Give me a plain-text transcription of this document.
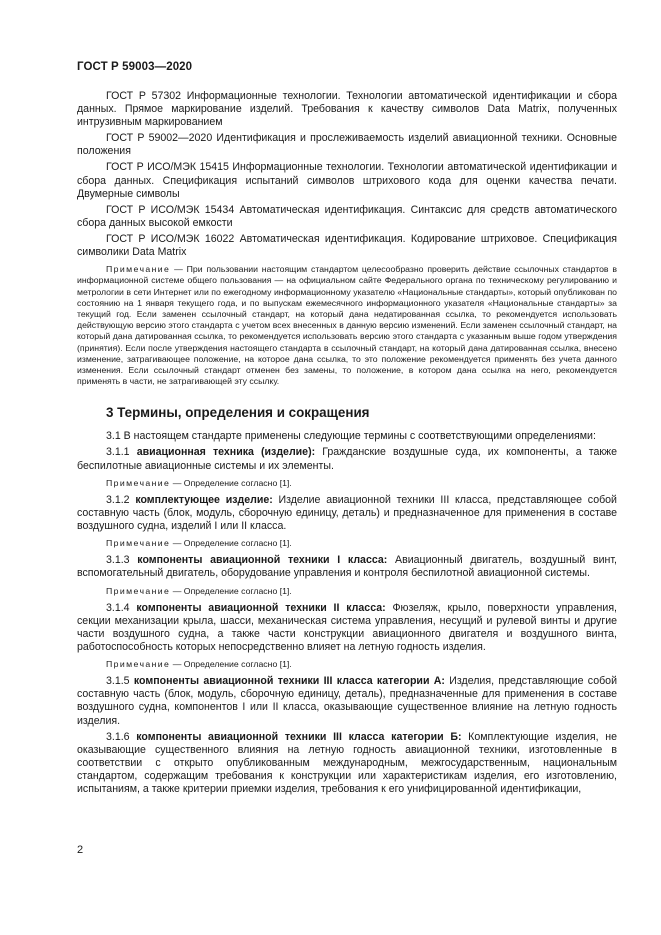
ГОСТ Р 59003—2020

ГОСТ Р 57302 Информационные технологии. Технологии автоматической идентификации и сбора данных. Прямое маркирование изделий. Требования к качеству символов Data Matrix, полученных интрузивным маркированием

ГОСТ Р 59002—2020 Идентификация и прослеживаемость изделий авиационной техники. Основные положения

ГОСТ Р ИСО/МЭК 15415 Информационные технологии. Технологии автоматической идентификации и сбора данных. Спецификация испытаний символов штрихового кода для оценки качества печати. Двумерные символы

ГОСТ Р ИСО/МЭК 15434 Автоматическая идентификация. Синтаксис для средств автоматического сбора данных высокой емкости

ГОСТ Р ИСО/МЭК 16022 Автоматическая идентификация. Кодирование штриховое. Спецификация символики Data Matrix

Примечание — При пользовании настоящим стандартом целесообразно проверить действие ссылочных стандартов в информационной системе общего пользования — на официальном сайте Федерального органа по техническому регулированию и метрологии в сети Интернет или по ежегодному информационному указателю «Национальные стандарты», который опубликован по состоянию на 1 января текущего года, и по выпускам ежемесячного информационного указателя «Национальные стандарты» за текущий год. Если заменен ссылочный стандарт, на который дана недатированная ссылка, то рекомендуется использовать действующую версию этого стандарта с учетом всех внесенных в данную версию изменений. Если заменен ссылочный стандарт, на который дана датированная ссылка, то рекомендуется использовать версию этого стандарта с указанным выше годом утверждения (принятия). Если после утверждения настоящего стандарта в ссылочный стандарт, на который дана датированная ссылка, внесено изменение, затрагивающее положение, на которое дана ссылка, то это положение рекомендуется применять без учета данного изменения. Если ссылочный стандарт отменен без замены, то положение, в котором дана ссылка на него, рекомендуется применять в части, не затрагивающей эту ссылку.

3 Термины, определения и сокращения

3.1 В настоящем стандарте применены следующие термины с соответствующими определениями:

3.1.1 авиационная техника (изделие): Гражданские воздушные суда, их компоненты, а также беспилотные авиационные системы и их элементы.

Примечание — Определение согласно [1].

3.1.2 комплектующее изделие: Изделие авиационной техники III класса, представляющее собой составную часть (блок, модуль, сборочную единицу, деталь) и предназначенное для применения в составе воздушного судна, изделий I или II класса.

Примечание — Определение согласно [1].

3.1.3 компоненты авиационной техники I класса: Авиационный двигатель, воздушный винт, вспомогательный двигатель, оборудование управления и контроля беспилотной авиационной системы.

Примечание — Определение согласно [1].

3.1.4 компоненты авиационной техники II класса: Фюзеляж, крыло, поверхности управления, секции механизации крыла, шасси, механическая система управления, несущий и рулевой винты и другие части воздушного судна, а также части конструкции авиационного двигателя и воздушного винта, работоспособность которых непосредственно влияет на летную годность изделия.

Примечание — Определение согласно [1].

3.1.5 компоненты авиационной техники III класса категории А: Изделия, представляющие собой составную часть (блок, модуль, сборочную единицу, деталь), предназначенные для применения в составе воздушного судна, компонентов I или II класса, оказывающие существенное влияние на летную годность изделия.

3.1.6 компоненты авиационной техники III класса категории Б: Комплектующие изделия, не оказывающие существенного влияния на летную годность авиационной техники, изготовленные в соответствии с открыто опубликованным международным, межгосударственным, национальным стандартом, содержащим требования к конструкции или характеристикам изделия, его изготовлению, испытаниям, а также критерии приемки изделия, требования к его унифицированной идентификации,

2
